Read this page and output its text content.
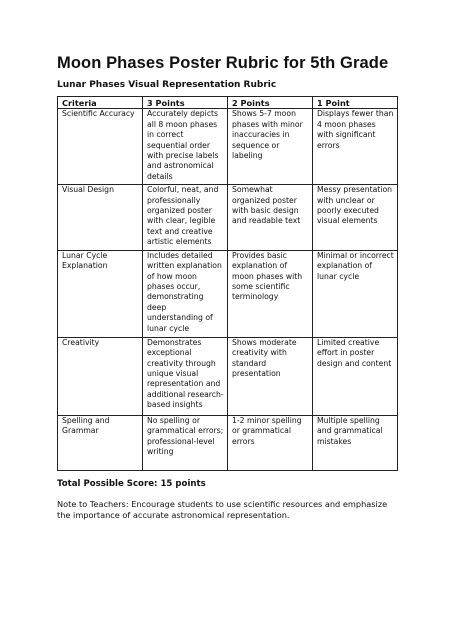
Moon Phases Poster Rubric for 5th Grade
Lunar Phases Visual Representation Rubric
Criteria	3 Points	2 Points	1 Point
Scientific Accuracy	Accurately depicts all 8 moon phases in correct sequential order with precise labels and astronomical details	Shows 5-7 moon phases with minor inaccuracies in sequence or labeling	Displays fewer than 4 moon phases with significant errors
Visual Design	Colorful, neat, and professionally organized poster with clear, legible text and creative artistic elements	Somewhat organized poster with basic design and readable text	Messy presentation with unclear or poorly executed visual elements
Lunar Cycle Explanation	Includes detailed written explanation of how moon phases occur, demonstrating deep understanding of lunar cycle	Provides basic explanation of moon phases with some scientific terminology	Minimal or incorrect explanation of lunar cycle
Creativity	Demonstrates exceptional creativity through unique visual representation and additional research-based insights	Shows moderate creativity with standard presentation	Limited creative effort in poster design and content
Spelling and Grammar	No spelling or grammatical errors; professional-level writing	1-2 minor spelling or grammatical errors	Multiple spelling and grammatical mistakes
Total Possible Score: 15 points
Note to Teachers: Encourage students to use scientific resources and emphasize the importance of accurate astronomical representation.
